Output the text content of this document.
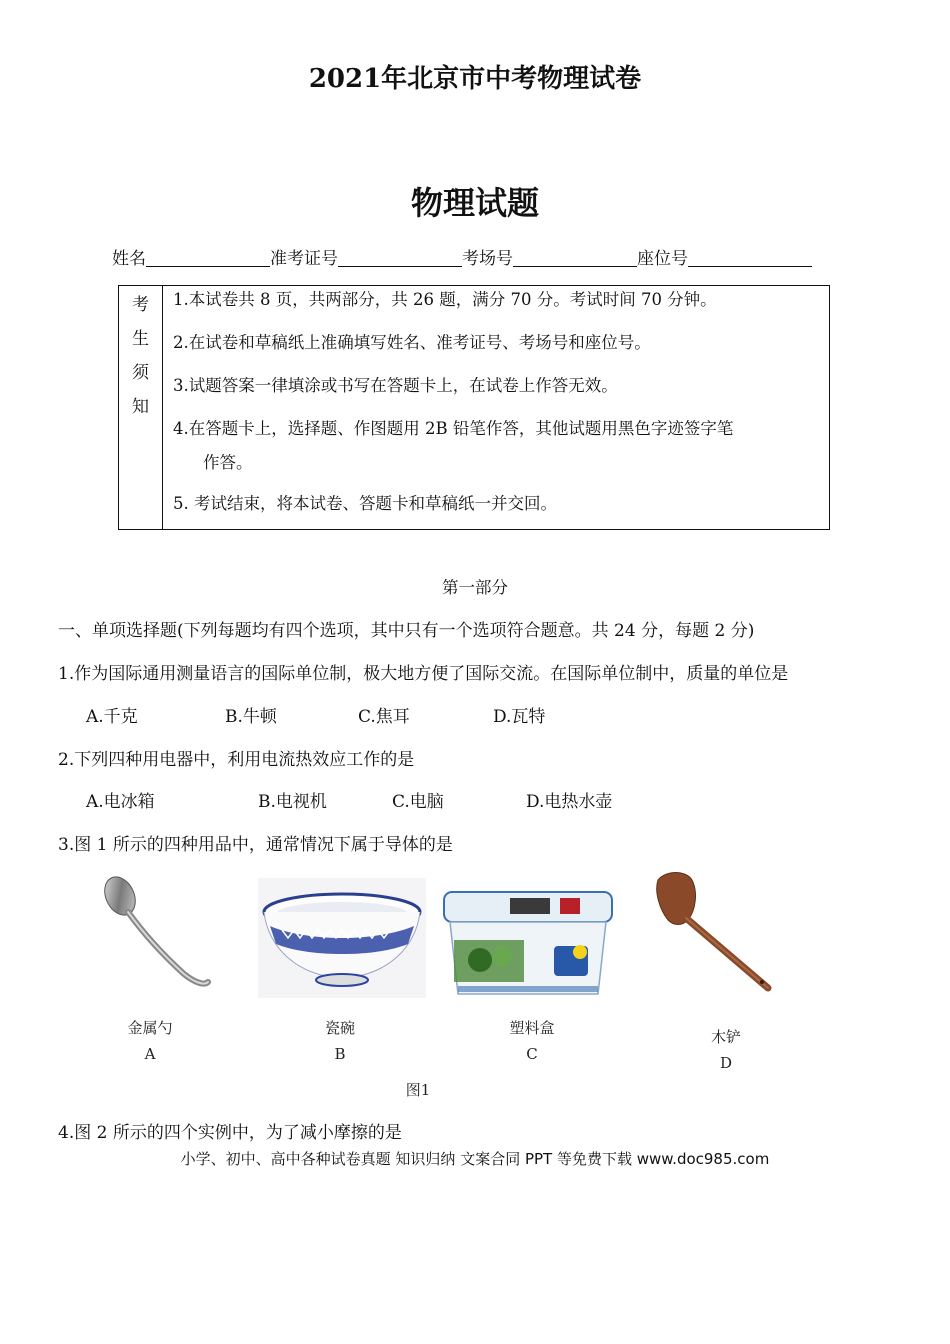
2021年北京市中考物理试卷
物理试题
姓名	准考证号	考场号	座位号
考
生
须
知
1.本试卷共 8 页，共两部分，共 26 题，满分 70 分。考试时间 70 分钟。
2.在试卷和草稿纸上准确填写姓名、准考证号、考场号和座位号。
3.试题答案一律填涂或书写在答题卡上，在试卷上作答无效。
4.在答题卡上，选择题、作图题用 2B 铅笔作答，其他试题用黑色字迹签字笔
作答。
5. 考试结束，将本试卷、答题卡和草稿纸一并交回。
第一部分
一、单项选择题(下列每题均有四个选项，其中只有一个选项符合题意。共 24 分，每题 2 分)
1.作为国际通用测量语言的国际单位制，极大地方便了国际交流。在国际单位制中，质量的单位是
A.千克	B.牛顿	C.焦耳	D.瓦特
2.下列四种用电器中，利用电流热效应工作的是
A.电冰箱	B.电视机	C.电脑	D.电热水壶
3.图 1 所示的四种用品中，通常情况下属于导体的是
金属勺
A
瓷碗
B
塑料盒
C
木铲
D
图1
4.图 2 所示的四个实例中，为了减小摩擦的是
小学、初中、高中各种试卷真题 知识归纳 文案合同 PPT 等免费下载 www.doc985.com
